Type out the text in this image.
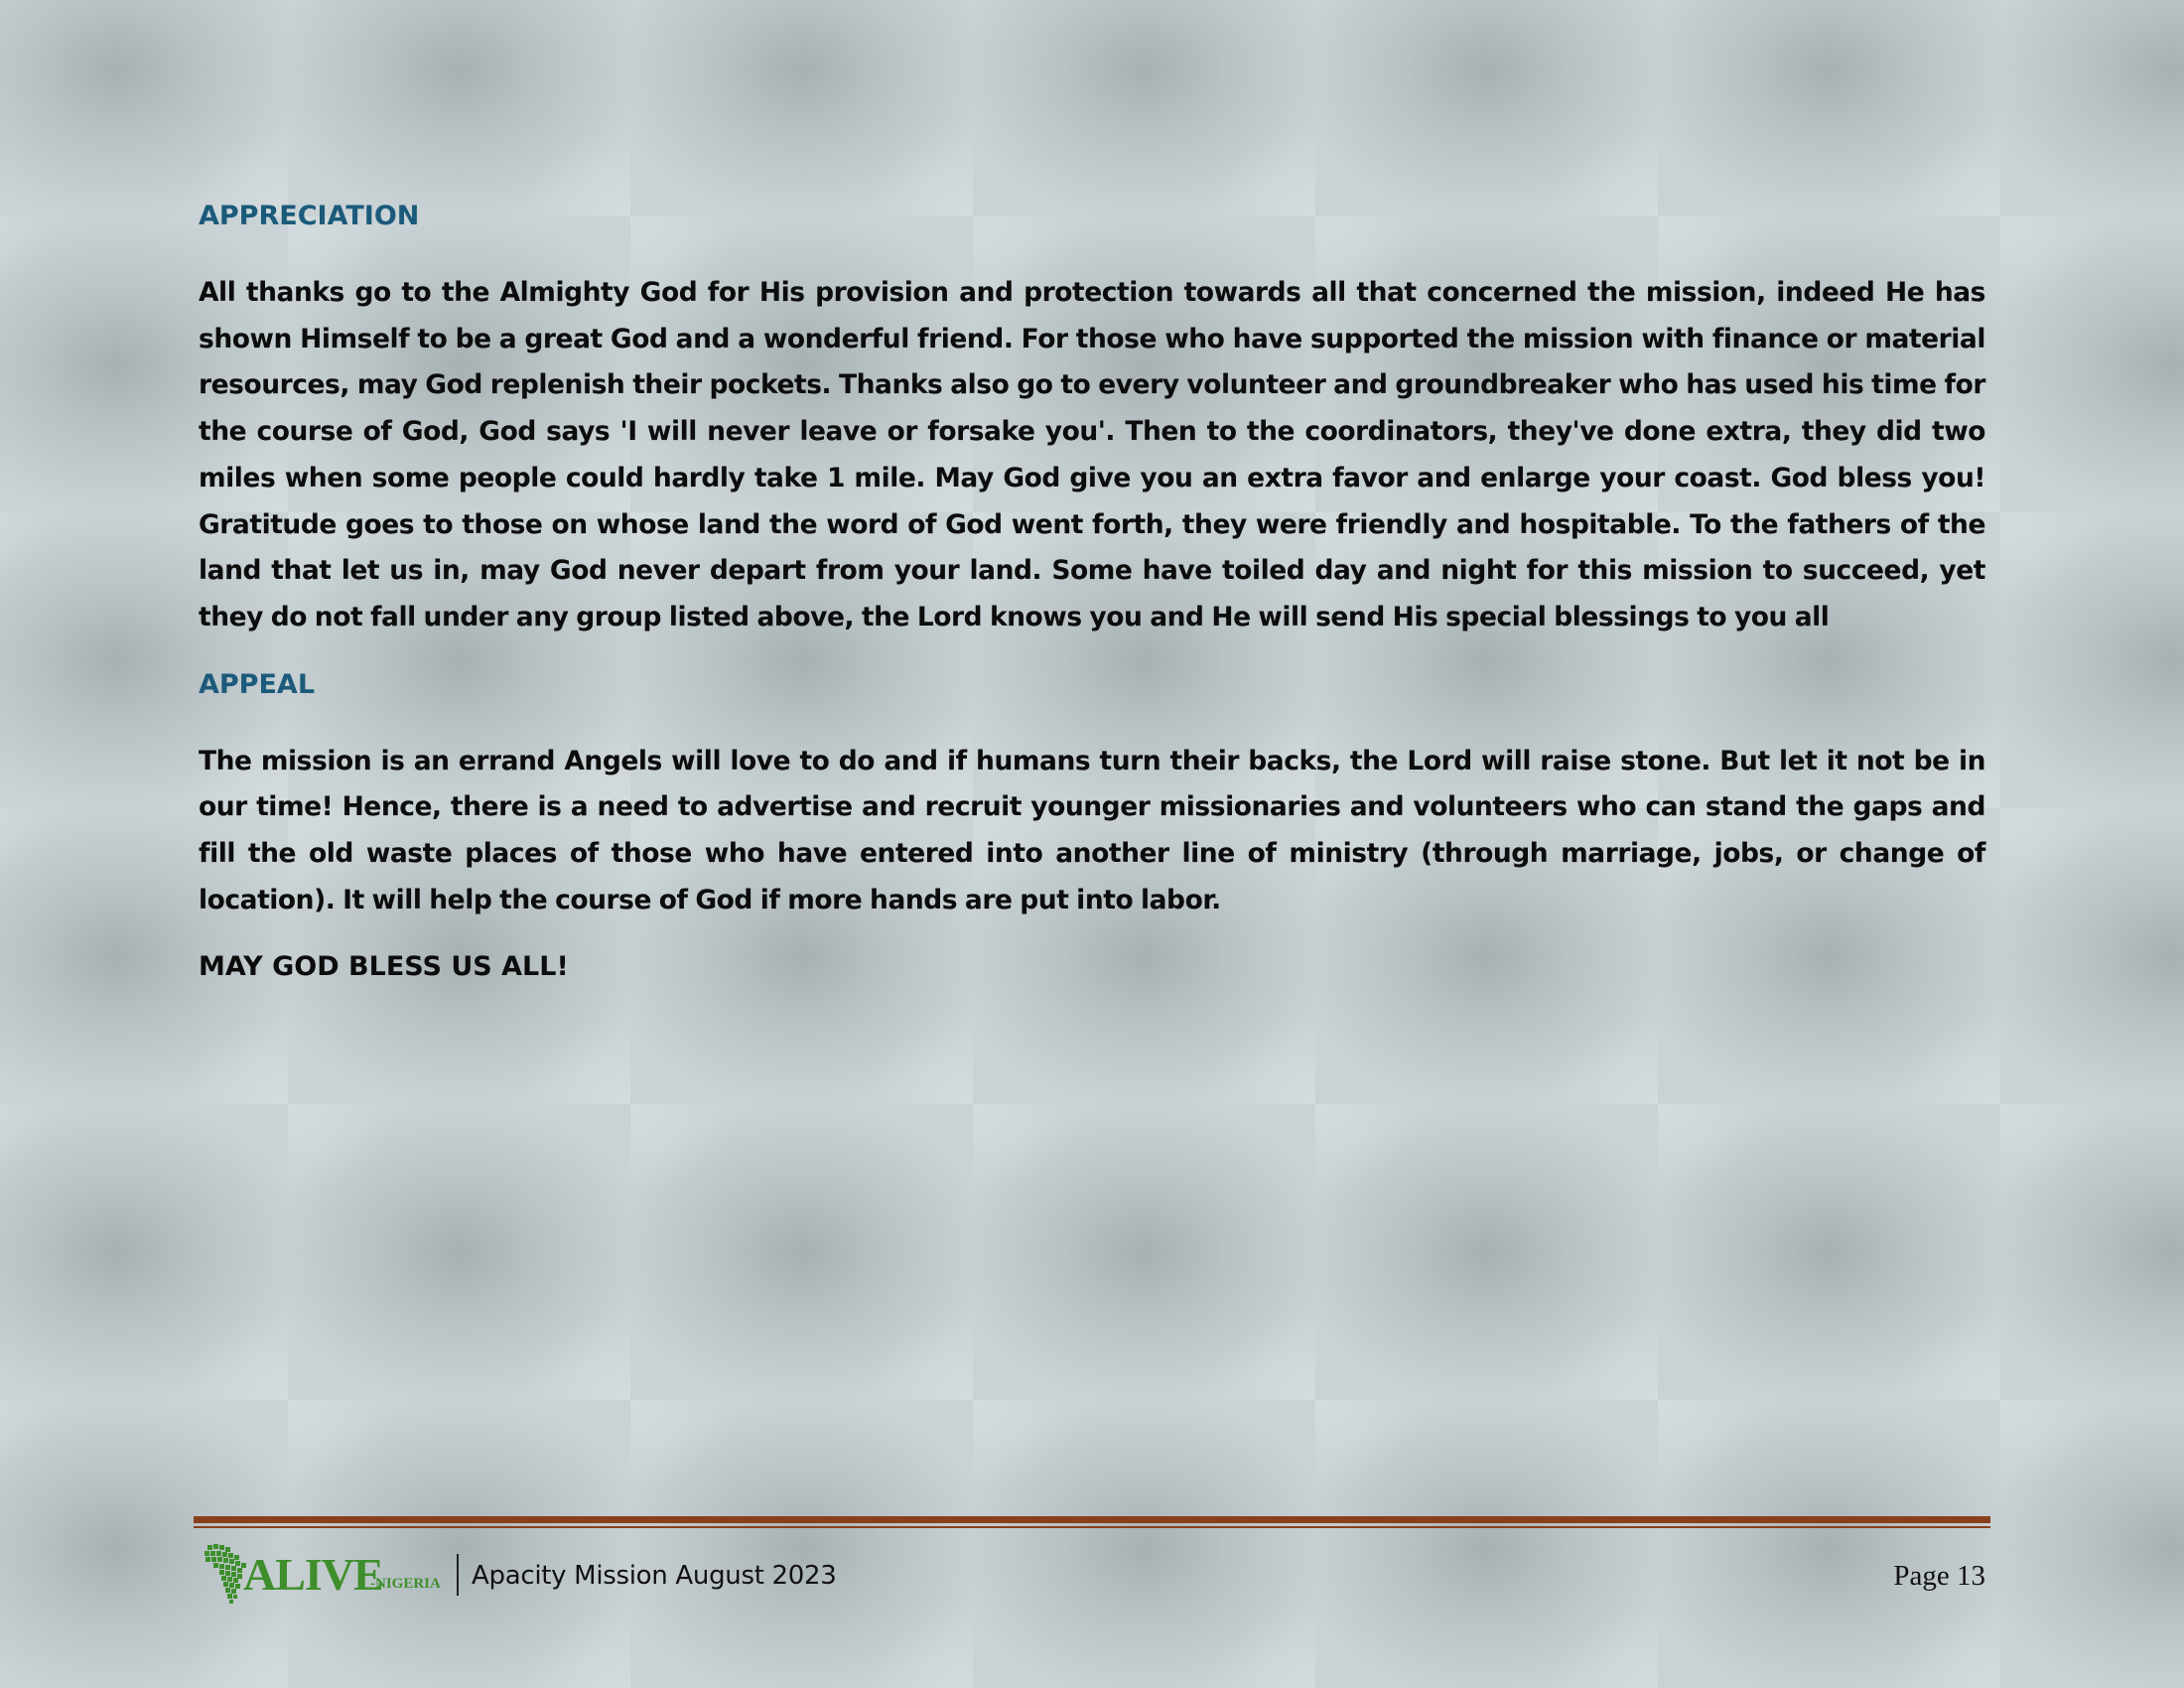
APPRECIATION

All thanks go to the Almighty God for His provision and protection towards all that concerned the mission, indeed He has shown Himself to be a great God and a wonderful friend. For those who have supported the mission with finance or material resources, may God replenish their pockets. Thanks also go to every volunteer and groundbreaker who has used his time for the course of God, God says 'I will never leave or forsake you'. Then to the coordinators, they've done extra, they did two miles when some people could hardly take 1 mile. May God give you an extra favor and enlarge your coast. God bless you! Gratitude goes to those on whose land the word of God went forth, they were friendly and hospitable. To the fathers of the land that let us in, may God never depart from your land. Some have toiled day and night for this mission to succeed, yet they do not fall under any group listed above, the Lord knows you and He will send His special blessings to you all

APPEAL

The mission is an errand Angels will love to do and if humans turn their backs, the Lord will raise stone. But let it not be in our time! Hence, there is a need to advertise and recruit younger missionaries and volunteers who can stand the gaps and fill the old waste places of those who have entered into another line of ministry (through marriage, jobs, or change of location). It will help the course of God if more hands are put into labor.

MAY GOD BLESS US ALL!

ALIVE
-NIGERIA Apacity Mission August 2023	Page 13
